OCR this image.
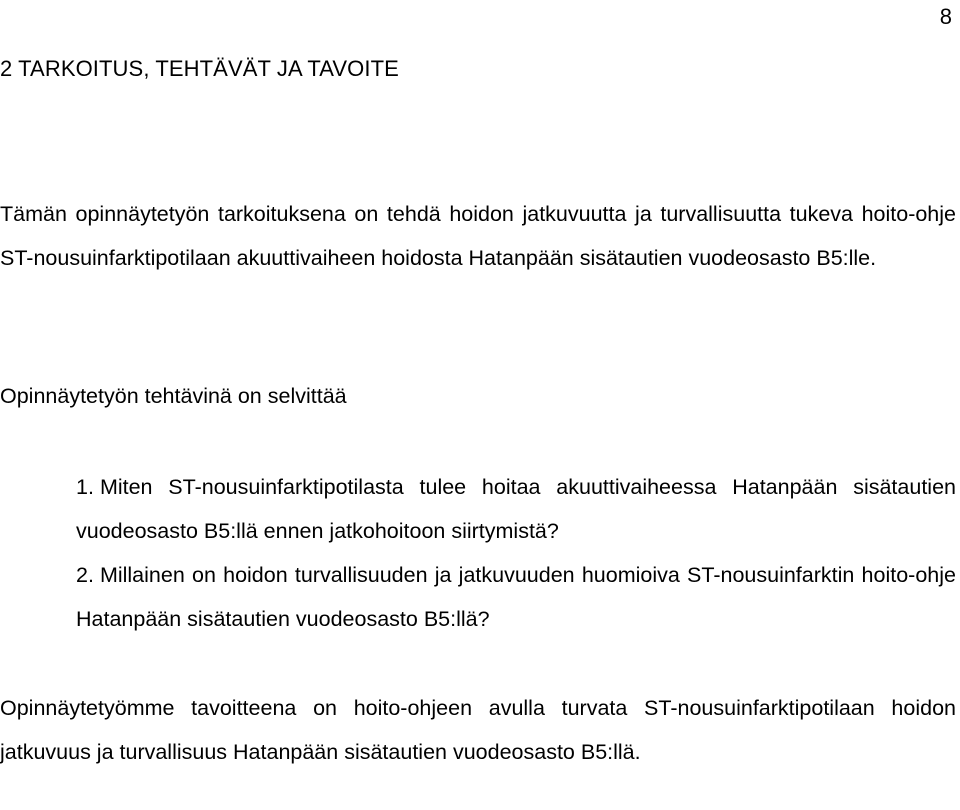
8
2 TARKOITUS, TEHTÄVÄT JA TAVOITE

Tämän opinnäytetyön tarkoituksena on tehdä hoidon jatkuvuutta ja turvallisuutta tukeva hoito-ohje ST-nousuinfarktipotilaan akuuttivaiheen hoidosta Hatanpään sisätautien vuodeosasto B5:lle.

Opinnäytetyön tehtävinä on selvittää

1. Miten ST-nousuinfarktipotilasta tulee hoitaa akuuttivaiheessa Hatanpään sisätautien vuodeosasto B5:llä ennen jatkohoitoon siirtymistä?
2. Millainen on hoidon turvallisuuden ja jatkuvuuden huomioiva ST-nousuinfarktin hoito-ohje Hatanpään sisätautien vuodeosasto B5:llä?

Opinnäytetyömme tavoitteena on hoito-ohjeen avulla turvata ST-nousuinfarktipotilaan hoidon jatkuvuus ja turvallisuus Hatanpään sisätautien vuodeosasto B5:llä.
